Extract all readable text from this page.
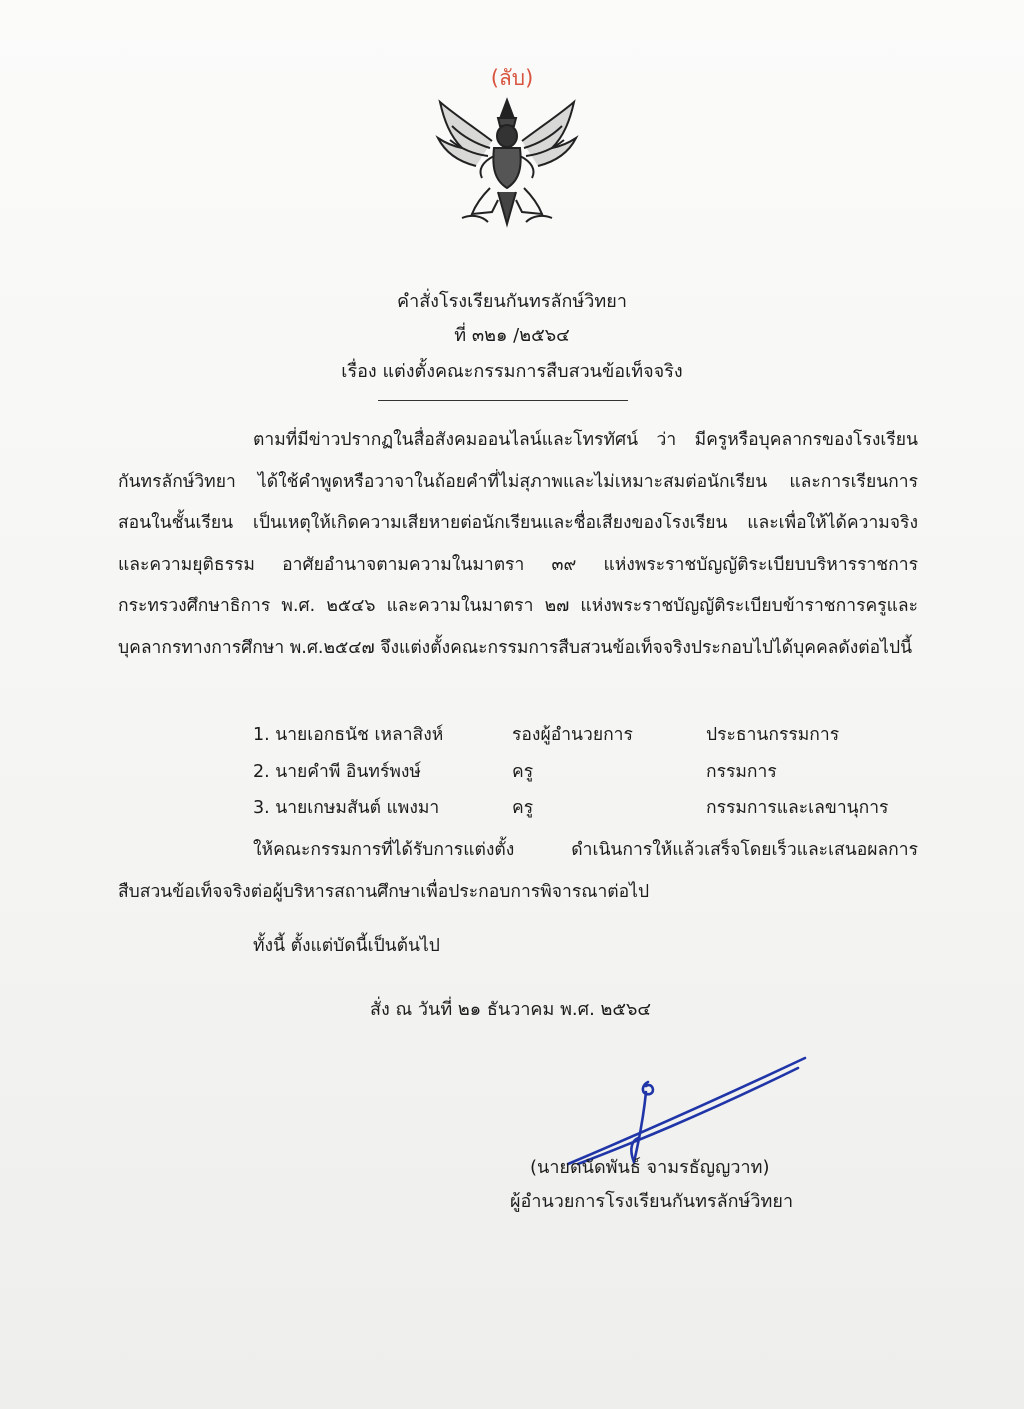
(ลับ)
คำสั่งโรงเรียนกันทรลักษ์วิทยา
ที่ ๓๒๑ /๒๕๖๔
เรื่อง แต่งตั้งคณะกรรมการสืบสวนข้อเท็จจริง
ตามที่มีข่าวปรากฏในสื่อสังคมออนไลน์และโทรทัศน์ ว่า มีครูหรือบุคลากรของโรงเรียนกันทรลักษ์วิทยา ได้ใช้คำพูดหรือวาจาในถ้อยคำที่ไม่สุภาพและไม่เหมาะสมต่อนักเรียน และการเรียนการสอนในชั้นเรียน เป็นเหตุให้เกิดความเสียหายต่อนักเรียนและชื่อเสียงของโรงเรียน และเพื่อให้ได้ความจริงและความยุติธรรม อาศัยอำนาจตามความในมาตรา ๓๙ แห่งพระราชบัญญัติระเบียบบริหารราชการกระทรวงศึกษาธิการ พ.ศ. ๒๕๔๖ และความในมาตรา ๒๗ แห่งพระราชบัญญัติระเบียบข้าราชการครูและบุคลากรทางการศึกษา พ.ศ.๒๕๔๗ จึงแต่งตั้งคณะกรรมการสืบสวนข้อเท็จจริงประกอบไปได้บุคคลดังต่อไปนี้
1. นายเอกธนัช เหลาสิงห์	รองผู้อำนวยการ	ประธานกรรมการ
2. นายคำพี อินทร์พงษ์	ครู	กรรมการ
3. นายเกษมสันต์ แพงมา	ครู	กรรมการและเลขานุการ
ให้คณะกรรมการที่ได้รับการแต่งตั้ง ดำเนินการให้แล้วเสร็จโดยเร็วและเสนอผลการสืบสวนข้อเท็จจริงต่อผู้บริหารสถานศึกษาเพื่อประกอบการพิจารณาต่อไป
ทั้งนี้ ตั้งแต่บัดนี้เป็นต้นไป
สั่ง ณ วันที่ ๒๑ ธันวาคม พ.ศ. ๒๕๖๔
(นายดนัดพันธ์ จามรธัญญวาท)
ผู้อำนวยการโรงเรียนกันทรลักษ์วิทยา
